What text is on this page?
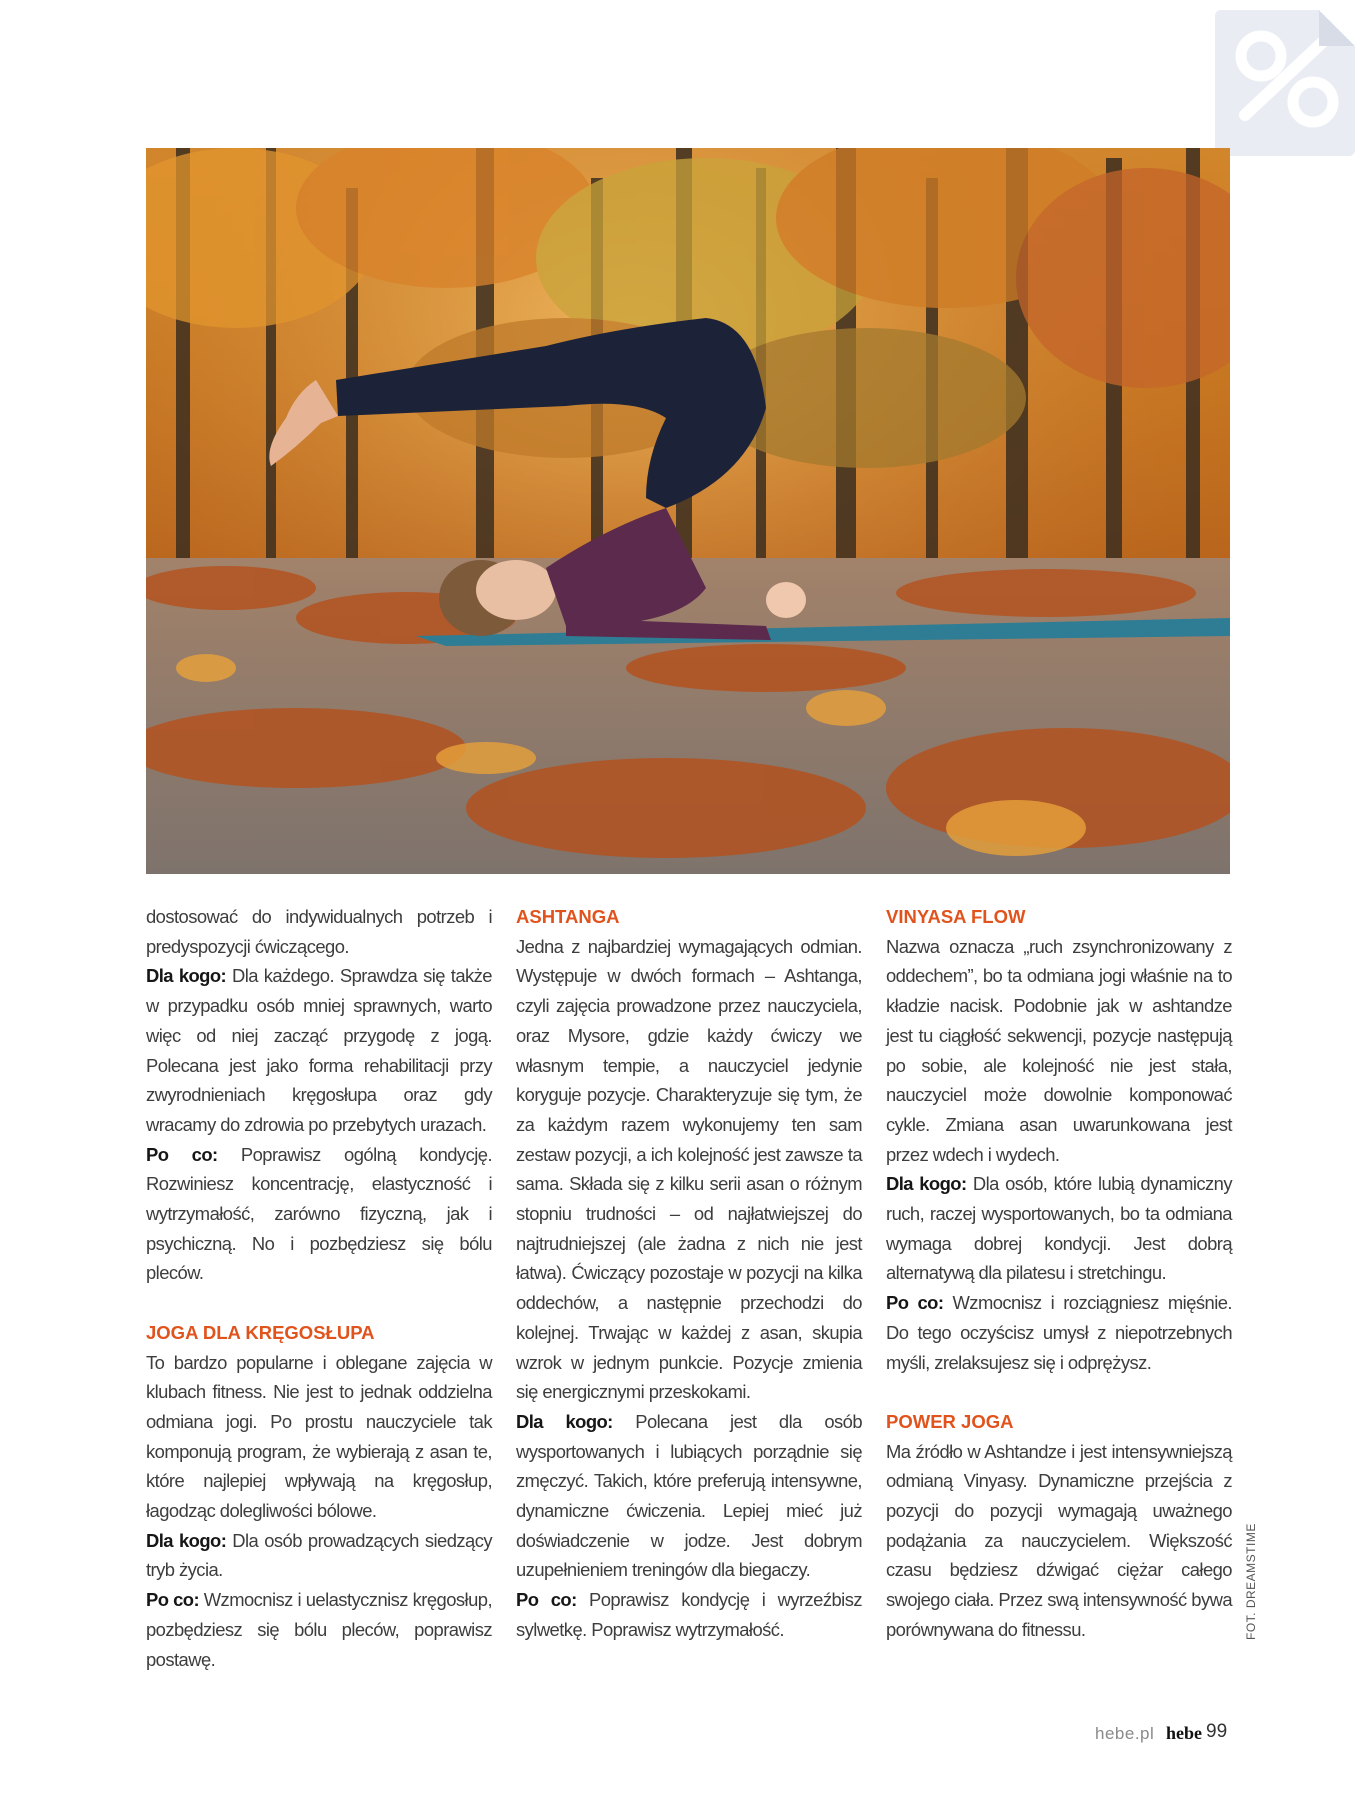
dostosować do indywidualnych potrzeb i predyspozycji ćwiczącego.

Dla kogo: Dla każdego. Sprawdza się także w przypadku osób mniej sprawnych, warto więc od niej zacząć przygodę z jogą. Polecana jest jako forma rehabilitacji przy zwyrodnieniach kręgosłupa oraz gdy wracamy do zdrowia po przebytych urazach.

Po co: Poprawisz ogólną kondycję. Rozwiniesz koncentrację, elastyczność i wytrzymałość, zarówno fizyczną, jak i psychiczną. No i pozbędziesz się bólu pleców.

JOGA DLA KRĘGOSŁUPA

To bardzo popularne i oblegane zajęcia w klubach fitness. Nie jest to jednak oddzielna odmiana jogi. Po prostu nauczyciele tak komponują program, że wybierają z asan te, które najlepiej wpływają na kręgosłup, łagodząc dolegliwości bólowe.

Dla kogo: Dla osób prowadzących siedzący tryb życia.

Po co: Wzmocnisz i uelastycznisz kręgosłup, pozbędziesz się bólu pleców, poprawisz postawę.

ASHTANGA

Jedna z najbardziej wymagających odmian. Występuje w dwóch formach – Ashtanga, czyli zajęcia prowadzone przez nauczyciela, oraz Mysore, gdzie każdy ćwiczy we własnym tempie, a nauczyciel jedynie koryguje pozycje. Charakteryzuje się tym, że za każdym razem wykonujemy ten sam zestaw pozycji, a ich kolejność jest zawsze ta sama. Składa się z kilku serii asan o różnym stopniu trudności – od najłatwiejszej do najtrudniejszej (ale żadna z nich nie jest łatwa). Ćwiczący pozostaje w pozycji na kilka oddechów, a następnie przechodzi do kolejnej. Trwając w każdej z asan, skupia wzrok w jednym punkcie. Pozycje zmienia się energicznymi przeskokami.

Dla kogo: Polecana jest dla osób wysportowanych i lubiących porządnie się zmęczyć. Takich, które preferują intensywne, dynamiczne ćwiczenia. Lepiej mieć już doświadczenie w jodze. Jest dobrym uzupełnieniem treningów dla biegaczy.

Po co: Poprawisz kondycję i wyrzeźbisz sylwetkę. Poprawisz wytrzymałość.

VINYASA FLOW

Nazwa oznacza „ruch zsynchronizowany z oddechem”, bo ta odmiana jogi właśnie na to kładzie nacisk. Podobnie jak w ashtandze jest tu ciągłość sekwencji, pozycje następują po sobie, ale kolejność nie jest stała, nauczyciel może dowolnie komponować cykle. Zmiana asan uwarunkowana jest przez wdech i wydech.

Dla kogo: Dla osób, które lubią dynamiczny ruch, raczej wysportowanych, bo ta odmiana wymaga dobrej kondycji. Jest dobrą alternatywą dla pilatesu i stretchingu.

Po co: Wzmocnisz i rozciągniesz mięśnie. Do tego oczyścisz umysł z niepotrzebnych myśli, zrelaksujesz się i odprężysz.

POWER JOGA

Ma źródło w Ashtandze i jest intensywniejszą odmianą Vinyasy. Dynamiczne przejścia z pozycji do pozycji wymagają uważnego podążania za nauczycielem. Większość czasu będziesz dźwigać ciężar całego swojego ciała. Przez swą intensywność bywa porównywana do fitnessu.	FOT. DREAMSTIME
hebe.pl hebe 99
